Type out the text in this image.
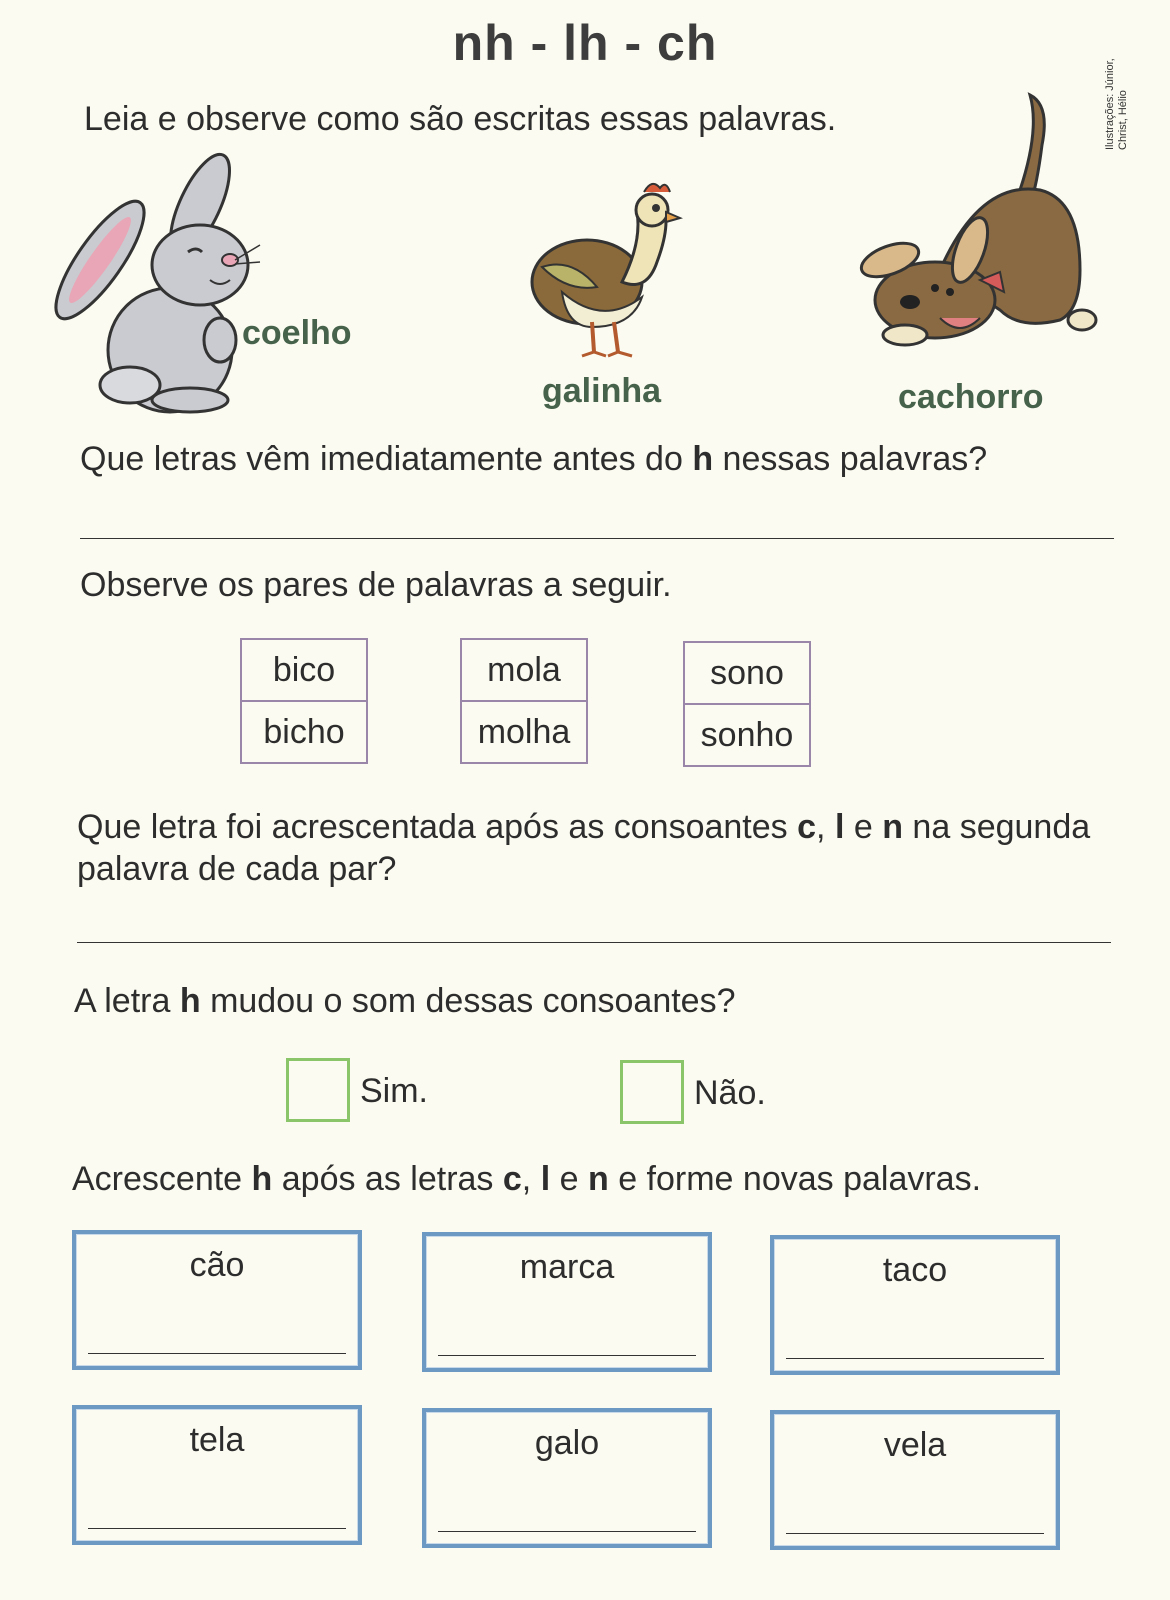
nh - lh - ch
Leia e observe como são escritas essas palavras.
coelho
galinha
Ilustrações: Júnior, Christ, Hélio
cachorro
Que letras vêm imediatamente antes do h nessas palavras?
Observe os pares de palavras a seguir.
bico
bicho
mola
molha
sono
sonho
Que letra foi acrescentada após as consoantes c, l e n na segunda
palavra de cada par?
A letra h mudou o som dessas consoantes?
Sim.	Não.
Acrescente h após as letras c, l e n e forme novas palavras.
cão	marca	taco
tela	galo	vela
